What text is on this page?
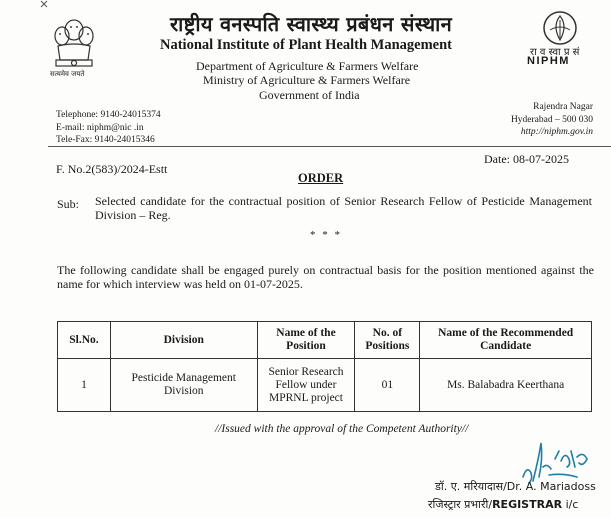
सत्यमेव जयते
राष्ट्रीय वनस्पति स्वास्थ्य प्रबंधन संस्थान
National Institute of Plant Health Management
Department of Agriculture & Farmers Welfare
Ministry of Agriculture & Farmers Welfare
Government of India
रा व स्वा प्र सं
NIPHM
Telephone: 9140-24015374
E-mail: niphm@nic .in
Tele-Fax: 9140-24015346
Rajendra Nagar
Hyderabad – 500 030
http://niphm.gov.in
F. No.2(583)/2024-Estt
Date: 08-07-2025
ORDER
Sub: Selected candidate for the contractual position of Senior Research Fellow of Pesticide Management Division – Reg.
* * *
The following candidate shall be engaged purely on contractual basis for the position mentioned against the name for which interview was held on 01-07-2025.
Sl.No.	Division	Name of the Position	No. of Positions	Name of the Recommended Candidate
1	Pesticide Management Division	Senior Research Fellow under MPRNL project	01	Ms. Balabadra Keerthana
//Issued with the approval of the Competent Authority//
डॉ. ए. मरियादास/Dr. A. Mariadoss
रजिस्ट्रार प्रभारी/REGISTRAR i/c
